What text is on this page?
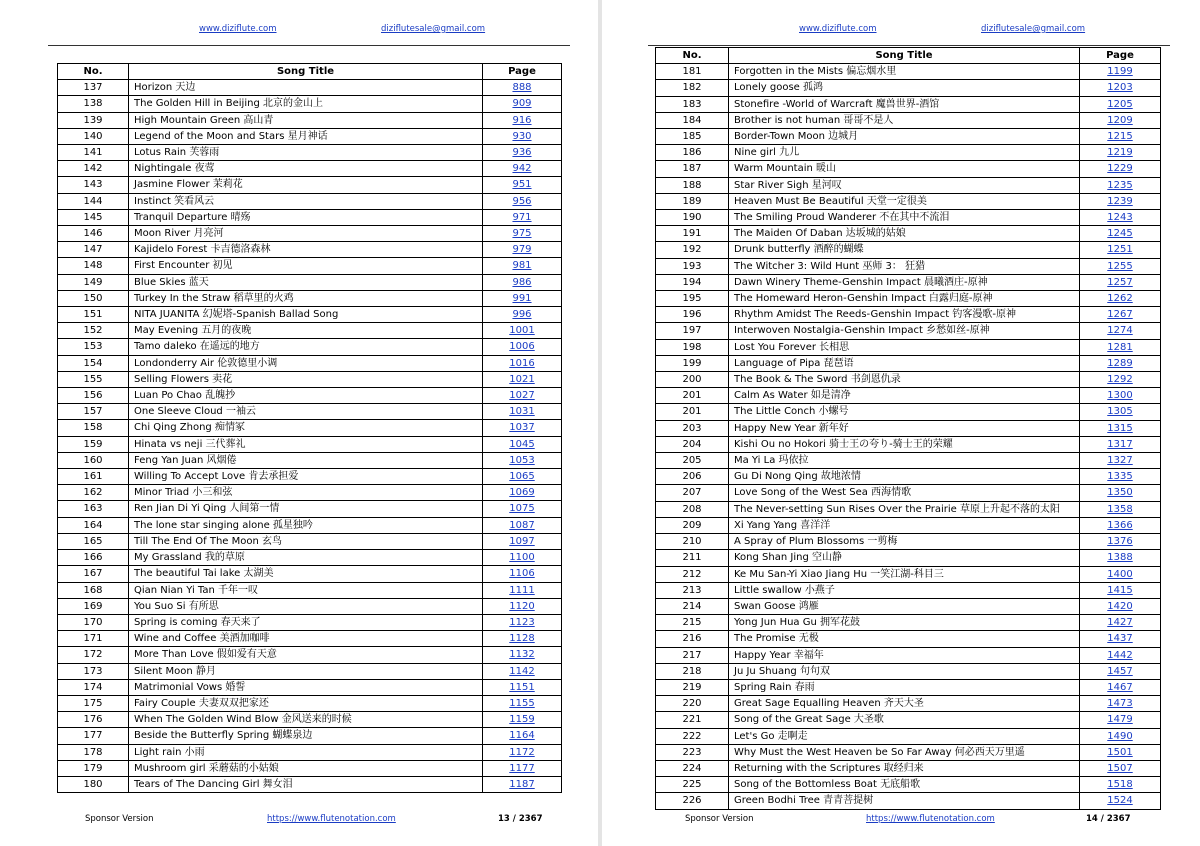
www.diziflute.com	diziflutesale@gmail.com
No.	Song Title	Page
137	Horizon 天边	888
138	The Golden Hill in Beijing 北京的金山上	909
139	High Mountain Green 高山青	916
140	Legend of the Moon and Stars 星月神话	930
141	Lotus Rain 芙蓉雨	936
142	Nightingale 夜莺	942
143	Jasmine Flower 茉莉花	951
144	Instinct 笑看风云	956
145	Tranquil Departure 晴殇	971
146	Moon River 月亮河	975
147	Kajidelo Forest 卡吉德洛森林	979
148	First Encounter 初见	981
149	Blue Skies 蓝天	986
150	Turkey In the Straw 稻草里的火鸡	991
151	NITA JUANITA 幻妮塔-Spanish Ballad Song	996
152	May Evening 五月的夜晚	1001
153	Tamo daleko 在遥远的地方	1006
154	Londonderry Air 伦敦德里小调	1016
155	Selling Flowers 卖花	1021
156	Luan Po Chao 乱魄抄	1027
157	One Sleeve Cloud 一袖云	1031
158	Chi Qing Zhong 痴情冢	1037
159	Hinata vs neji 三代葬礼	1045
160	Feng Yan Juan 风烟倦	1053
161	Willing To Accept Love 肯去承担爱	1065
162	Minor Triad 小三和弦	1069
163	Ren Jian Di Yi Qing 人间第一情	1075
164	The lone star singing alone 孤星独吟	1087
165	Till The End Of The Moon 玄鸟	1097
166	My Grassland 我的草原	1100
167	The beautiful Tai lake 太湖美	1106
168	Qian Nian Yi Tan 千年一叹	1111
169	You Suo Si 有所思	1120
170	Spring is coming 春天来了	1123
171	Wine and Coffee 美酒加咖啡	1128
172	More Than Love 假如爱有天意	1132
173	Silent Moon 静月	1142
174	Matrimonial Vows 婚誓	1151
175	Fairy Couple 夫妻双双把家还	1155
176	When The Golden Wind Blow 金风送来的时候	1159
177	Beside the Butterfly Spring 蝴蝶泉边	1164
178	Light rain 小雨	1172
179	Mushroom girl 采蘑菇的小姑娘	1177
180	Tears of The Dancing Girl 舞女泪	1187
Sponsor Version	https://www.flutenotation.com	13 / 2367
www.diziflute.com	diziflutesale@gmail.com
No.	Song Title	Page
181	Forgotten in the Mists 偏忘烟水里	1199
182	Lonely goose 孤鸿	1203
183	Stonefire -World of Warcraft 魔兽世界-酒馆	1205
184	Brother is not human 哥哥不是人	1209
185	Border-Town Moon 边城月	1215
186	Nine girl 九儿	1219
187	Warm Mountain 暖山	1229
188	Star River Sigh 星河叹	1235
189	Heaven Must Be Beautiful 天堂一定很美	1239
190	The Smiling Proud Wanderer 不在其中不流泪	1243
191	The Maiden Of Daban 达坂城的姑娘	1245
192	Drunk butterfly 酒醉的蝴蝶	1251
193	The Witcher 3: Wild Hunt 巫师 3： 狂猎	1255
194	Dawn Winery Theme-Genshin Impact 晨曦酒庄-原神	1257
195	The Homeward Heron-Genshin Impact 白露归庭-原神	1262
196	Rhythm Amidst The Reeds-Genshin Impact 钓客漫歌-原神	1267
197	Interwoven Nostalgia-Genshin Impact 乡愁如丝-原神	1274
198	Lost You Forever 长相思	1281
199	Language of Pipa 琵琶语	1289
200	The Book & The Sword 书剑恩仇录	1292
201	Calm As Water 如是清净	1300
201	The Little Conch 小螺号	1305
203	Happy New Year 新年好	1315
204	Kishi Ou no Hokori 骑士王の夸り-骑士王的荣耀	1317
205	Ma Yi La 玛依拉	1327
206	Gu Di Nong Qing 故地浓情	1335
207	Love Song of the West Sea 西海情歌	1350
208	The Never-setting Sun Rises Over the Prairie 草原上升起不落的太阳	1358
209	Xi Yang Yang 喜洋洋	1366
210	A Spray of Plum Blossoms 一剪梅	1376
211	Kong Shan Jing 空山静	1388
212	Ke Mu San-Yi Xiao Jiang Hu 一笑江湖-科目三	1400
213	Little swallow 小燕子	1415
214	Swan Goose 鸿雁	1420
215	Yong Jun Hua Gu 拥军花鼓	1427
216	The Promise 无极	1437
217	Happy Year 幸福年	1442
218	Ju Ju Shuang 句句双	1457
219	Spring Rain 春雨	1467
220	Great Sage Equalling Heaven 齐天大圣	1473
221	Song of the Great Sage 大圣歌	1479
222	Let's Go 走啊走	1490
223	Why Must the West Heaven be So Far Away 何必西天万里遥	1501
224	Returning with the Scriptures 取经归来	1507
225	Song of the Bottomless Boat 无底船歌	1518
226	Green Bodhi Tree 青青菩提树	1524
Sponsor Version	https://www.flutenotation.com	14 / 2367
